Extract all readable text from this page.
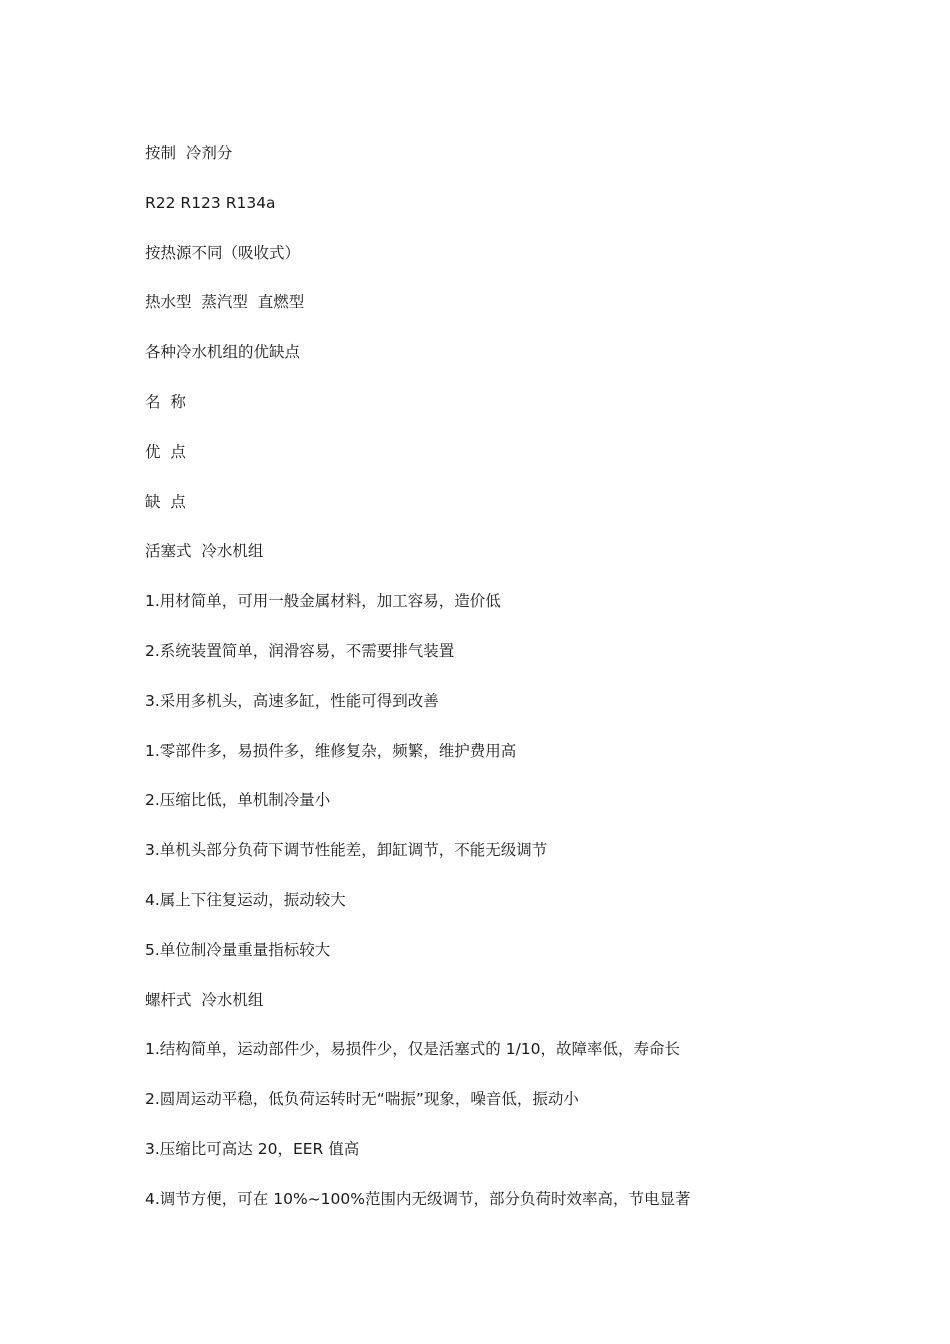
按制  冷剂分
R22 R123 R134a
按热源不同（吸收式）
热水型  蒸汽型  直燃型
各种冷水机组的优缺点
名  称
优  点
缺  点
活塞式  冷水机组
1.用材简单，可用一般金属材料，加工容易，造价低
2.系统装置简单，润滑容易，不需要排气装置
3.采用多机头，高速多缸，性能可得到改善
1.零部件多，易损件多，维修复杂，频繁，维护费用高
2.压缩比低，单机制冷量小
3.单机头部分负荷下调节性能差，卸缸调节，不能无级调节
4.属上下往复运动，振动较大
5.单位制冷量重量指标较大
螺杆式  冷水机组
1.结构简单，运动部件少，易损件少，仅是活塞式的 1/10，故障率低，寿命长
2.圆周运动平稳，低负荷运转时无“喘振”现象，噪音低，振动小
3.压缩比可高达 20，EER 值高
4.调节方便，可在 10%~100%范围内无级调节，部分负荷时效率高，节电显著
